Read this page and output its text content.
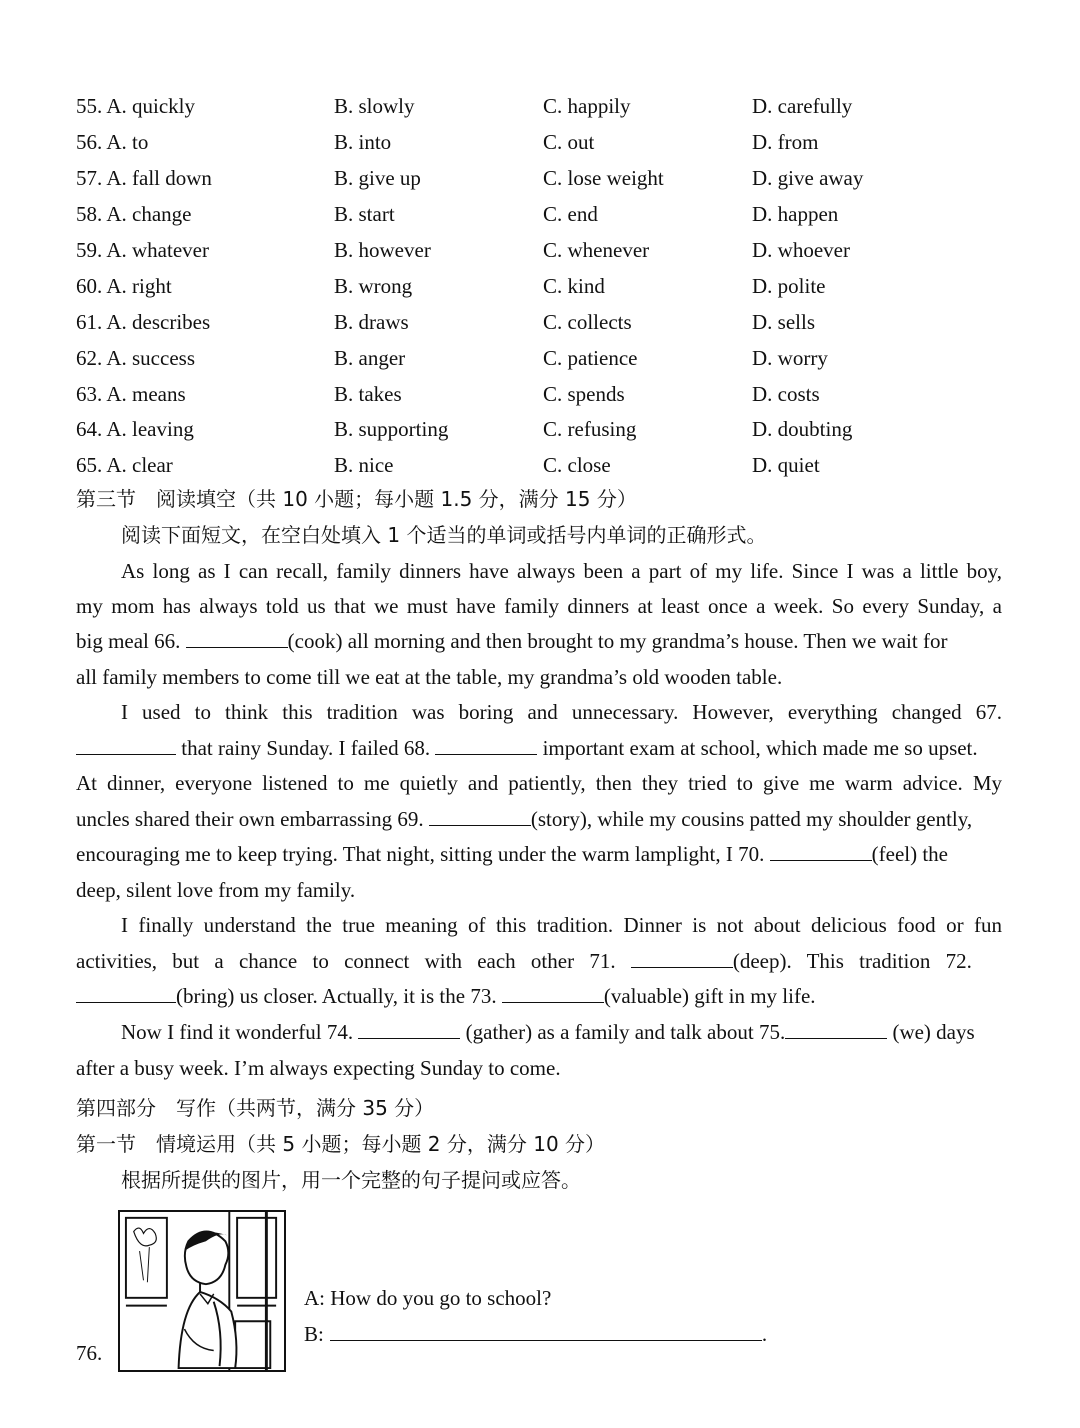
55. A. quickly	B. slowly	C. happily	D. carefully
56. A. to	B. into	C. out	D. from
57. A. fall down	B. give up	C. lose weight	D. give away
58. A. change	B. start	C. end	D. happen
59. A. whatever	B. however	C. whenever	D. whoever
60. A. right	B. wrong	C. kind	D. polite
61. A. describes	B. draws	C. collects	D. sells
62. A. success	B. anger	C. patience	D. worry
63. A. means	B. takes	C. spends	D. costs
64. A. leaving	B. supporting	C. refusing	D. doubting
65. A. clear	B. nice	C. close	D. quiet
第三节　阅读填空（共 10 小题；每小题 1.5 分，满分 15 分）
阅读下面短文，在空白处填入 1 个适当的单词或括号内单词的正确形式。
As long as I can recall, family dinners have always been a part of my life. Since I was a little boy,
my mom has always told us that we must have family dinners at least once a week. So every Sunday, a
big meal 66.	(cook) all morning and then brought to my grandma’s house. Then we wait for
all family members to come till we eat at the table, my grandma’s old wooden table.
I used to think this tradition was boring and unnecessary. However, everything changed 67.
that rainy Sunday. I failed 68.	important exam at school, which made me so upset.
At dinner, everyone listened to me quietly and patiently, then they tried to give me warm advice. My
uncles shared their own embarrassing 69.	(story), while my cousins patted my shoulder gently,
encouraging me to keep trying. That night, sitting under the warm lamplight, I 70.	(feel) the
deep, silent love from my family.
I finally understand the true meaning of this tradition. Dinner is not about delicious food or fun
activities, but a chance to connect with each other 71.	(deep). This tradition 72.
(bring) us closer. Actually, it is the 73.	(valuable) gift in my life.
Now I find it wonderful 74.	(gather) as a family and talk about 75.	(we) days
after a busy week. I’m always expecting Sunday to come.
第四部分　写作（共两节，满分 35 分）
第一节　情境运用（共 5 小题；每小题 2 分，满分 10 分）
根据所提供的图片，用一个完整的句子提问或应答。
76.
A: How do you go to school?
B:	.
